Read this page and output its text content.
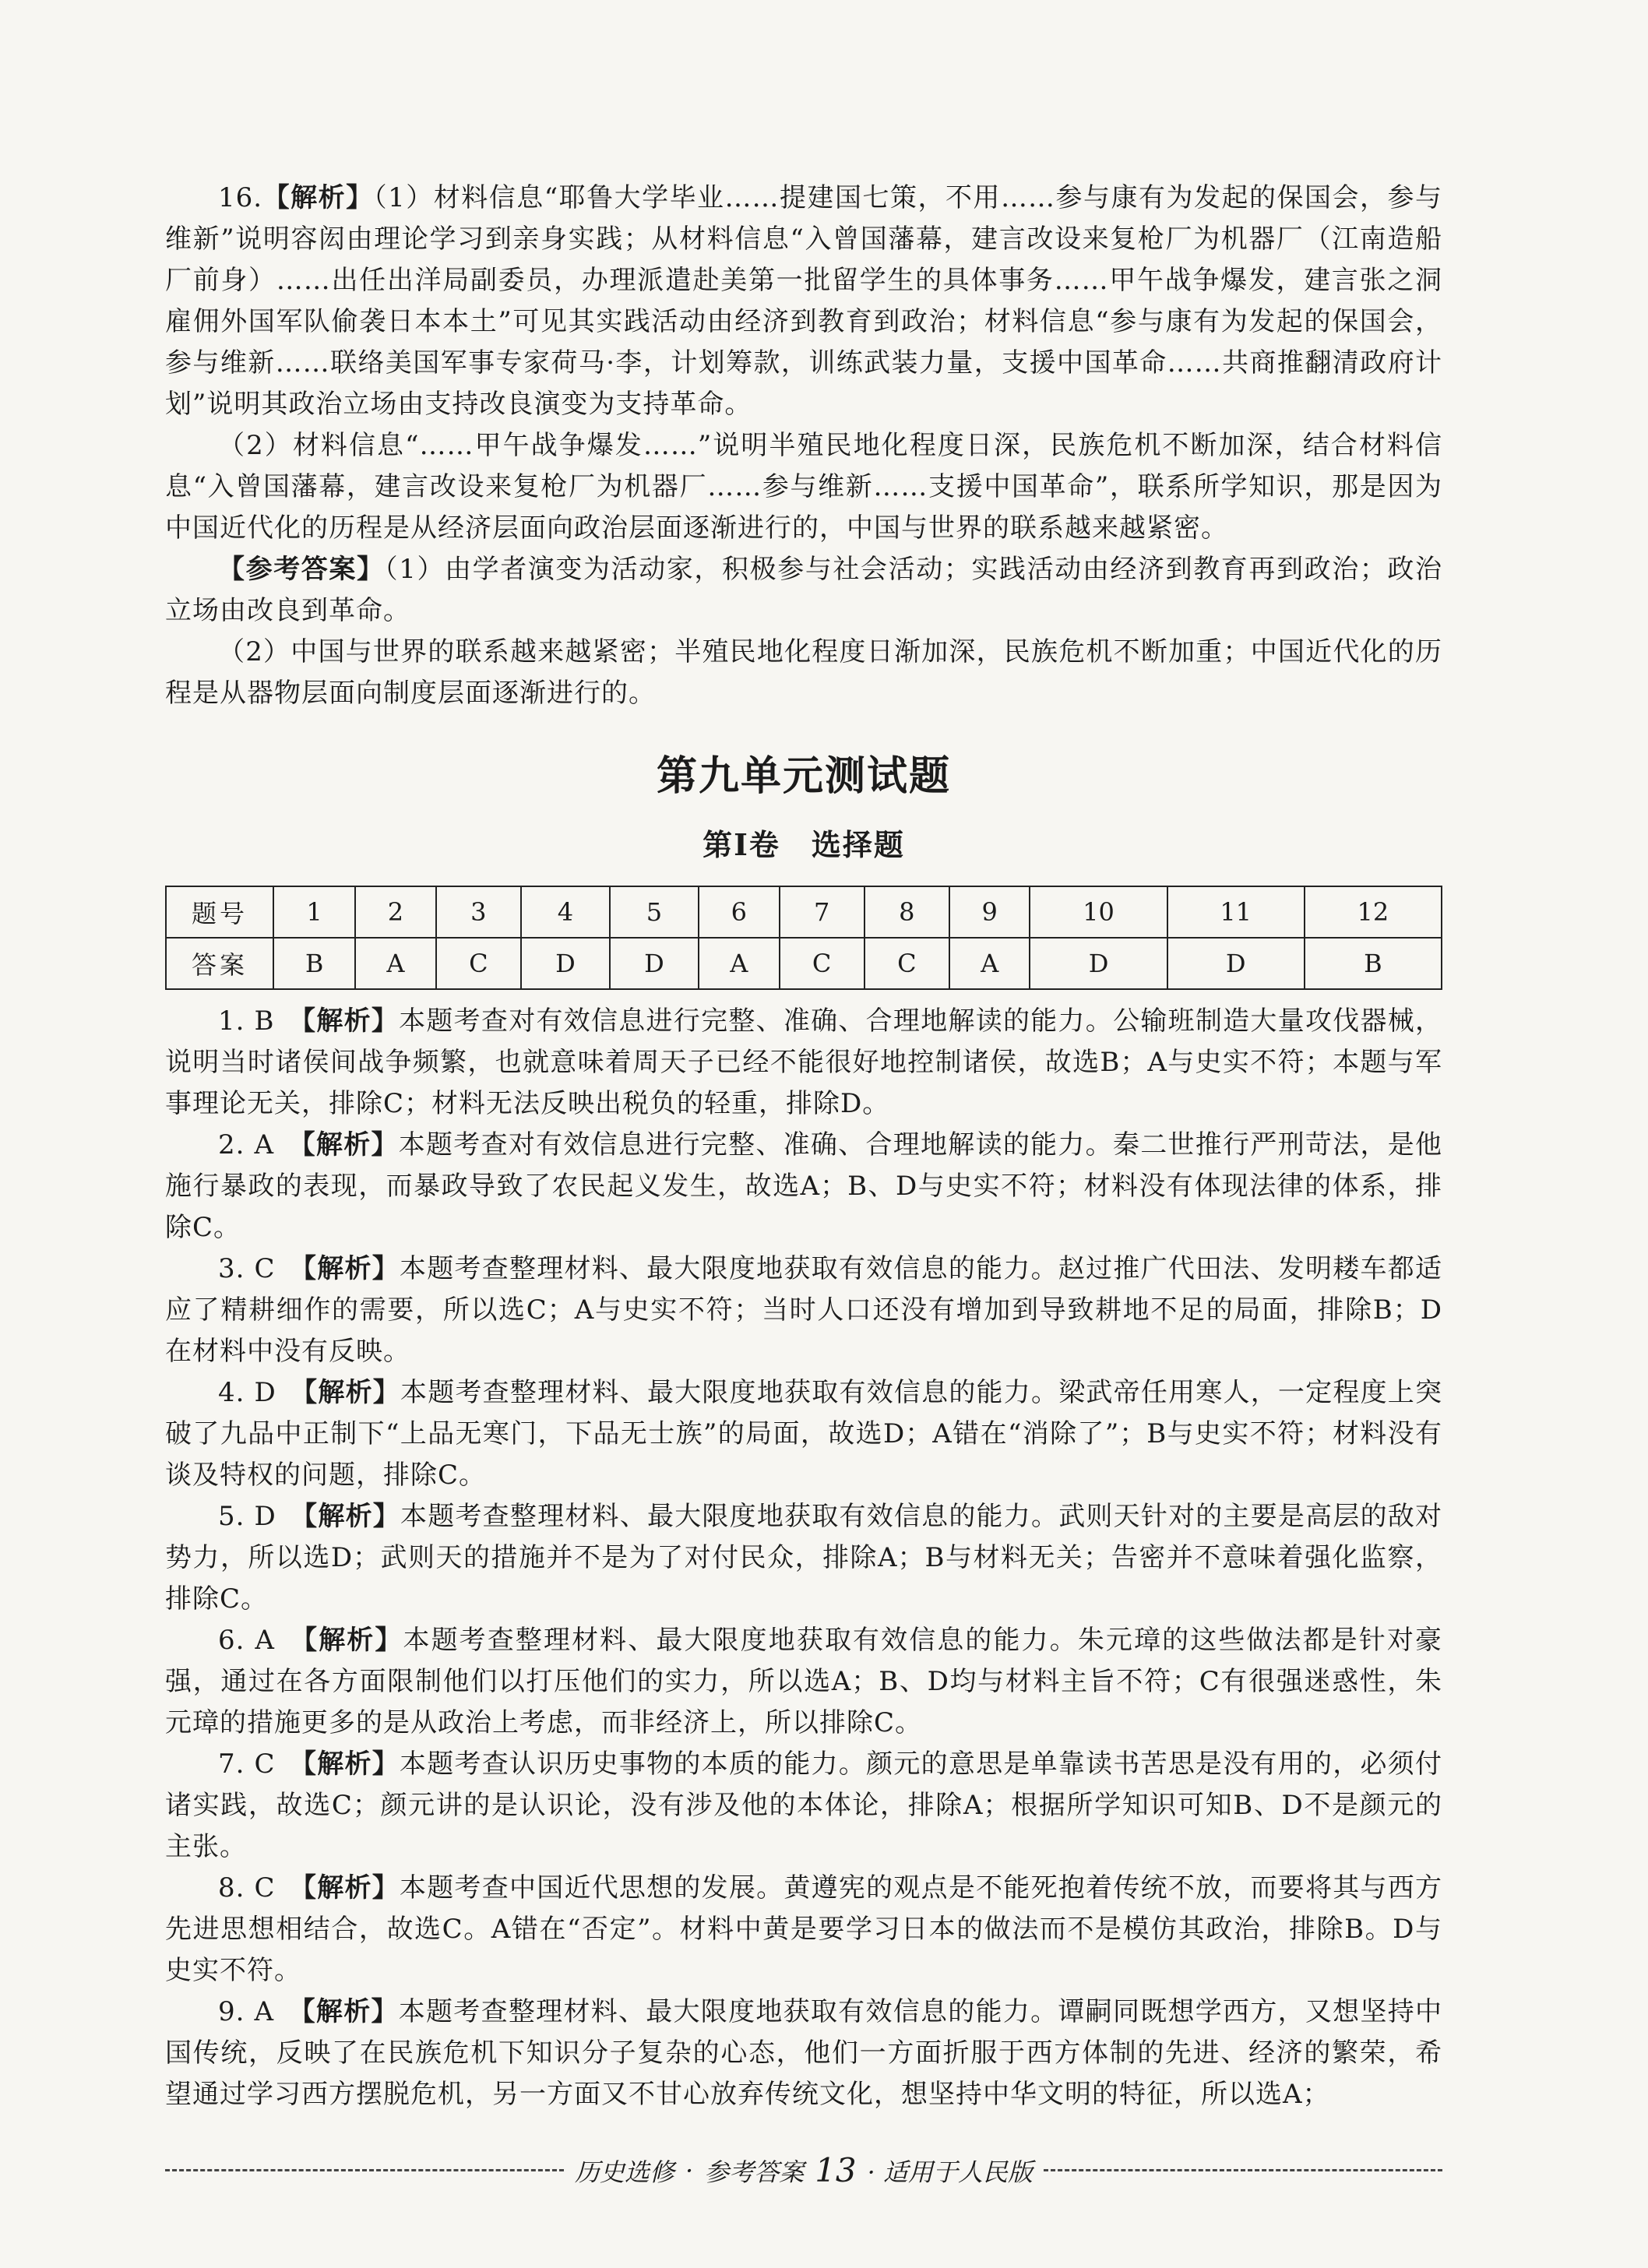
16.【解析】（1）材料信息“耶鲁大学毕业……提建国七策，不用……参与康有为发起的保国会，参与维新”说明容闳由理论学习到亲身实践；从材料信息“入曾国藩幕，建言改设来复枪厂为机器厂（江南造船厂前身）……出任出洋局副委员，办理派遣赴美第一批留学生的具体事务……甲午战争爆发，建言张之洞雇佣外国军队偷袭日本本土”可见其实践活动由经济到教育到政治；材料信息“参与康有为发起的保国会，参与维新……联络美国军事专家荷马·李，计划筹款，训练武装力量，支援中国革命……共商推翻清政府计划”说明其政治立场由支持改良演变为支持革命。

（2）材料信息“……甲午战争爆发……”说明半殖民地化程度日深，民族危机不断加深，结合材料信息“入曾国藩幕，建言改设来复枪厂为机器厂……参与维新……支援中国革命”，联系所学知识，那是因为中国近代化的历程是从经济层面向政治层面逐渐进行的，中国与世界的联系越来越紧密。

【参考答案】（1）由学者演变为活动家，积极参与社会活动；实践活动由经济到教育再到政治；政治立场由改良到革命。

（2）中国与世界的联系越来越紧密；半殖民地化程度日渐加深，民族危机不断加重；中国近代化的历程是从器物层面向制度层面逐渐进行的。

第九单元测试题
第Ⅰ卷　选择题
题号	1	2	3	4	5	6	7	8	9	10	11	12
答案	B	A	C	D	D	A	C	C	A	D	D	B

1. B　【解析】本题考查对有效信息进行完整、准确、合理地解读的能力。公输班制造大量攻伐器械，说明当时诸侯间战争频繁，也就意味着周天子已经不能很好地控制诸侯，故选B；A与史实不符；本题与军事理论无关，排除C；材料无法反映出税负的轻重，排除D。

2. A　【解析】本题考查对有效信息进行完整、准确、合理地解读的能力。秦二世推行严刑苛法，是他施行暴政的表现，而暴政导致了农民起义发生，故选A；B、D与史实不符；材料没有体现法律的体系，排除C。

3. C　【解析】本题考查整理材料、最大限度地获取有效信息的能力。赵过推广代田法、发明耧车都适应了精耕细作的需要，所以选C；A与史实不符；当时人口还没有增加到导致耕地不足的局面，排除B；D在材料中没有反映。

4. D　【解析】本题考查整理材料、最大限度地获取有效信息的能力。梁武帝任用寒人，一定程度上突破了九品中正制下“上品无寒门，下品无士族”的局面，故选D；A错在“消除了”；B与史实不符；材料没有谈及特权的问题，排除C。

5. D　【解析】本题考查整理材料、最大限度地获取有效信息的能力。武则天针对的主要是高层的敌对势力，所以选D；武则天的措施并不是为了对付民众，排除A；B与材料无关；告密并不意味着强化监察，排除C。

6. A　【解析】本题考查整理材料、最大限度地获取有效信息的能力。朱元璋的这些做法都是针对豪强，通过在各方面限制他们以打压他们的实力，所以选A；B、D均与材料主旨不符；C有很强迷惑性，朱元璋的措施更多的是从政治上考虑，而非经济上，所以排除C。

7. C　【解析】本题考查认识历史事物的本质的能力。颜元的意思是单靠读书苦思是没有用的，必须付诸实践，故选C；颜元讲的是认识论，没有涉及他的本体论，排除A；根据所学知识可知B、D不是颜元的主张。

8. C　【解析】本题考查中国近代思想的发展。黄遵宪的观点是不能死抱着传统不放，而要将其与西方先进思想相结合，故选C。A错在“否定”。材料中黄是要学习日本的做法而不是模仿其政治，排除B。D与史实不符。

9. A　【解析】本题考查整理材料、最大限度地获取有效信息的能力。谭嗣同既想学西方，又想坚持中国传统，反映了在民族危机下知识分子复杂的心态，他们一方面折服于西方体制的先进、经济的繁荣，希望通过学习西方摆脱危机，另一方面又不甘心放弃传统文化，想坚持中华文明的特征，所以选A；

历史选修 · 参考答案 13 · 适用于人民版
